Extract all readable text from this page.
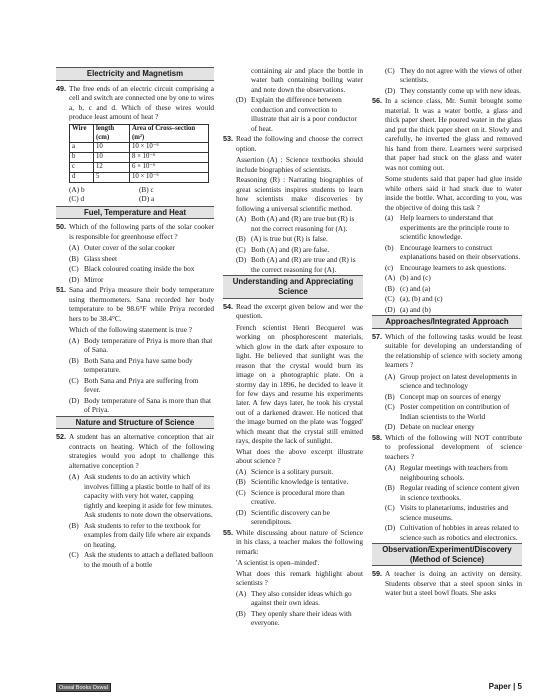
Electricity and Magnetism
49. The free ends of an electric circuit comprising a cell and switch are connected one by one to wires a, b, c and d. Which of these wires would produce least amount of heat ?
Wire	length (cm)	Area of Cross–section (m²)
a	10	10 × 10⁻⁶
b	10	8 × 10⁻⁶
c	12	6 × 10⁻⁶
d	5	10 × 10⁻⁶
(A) b	(B) c
(C) d	(D) a
Fuel, Temperature and Heat
50. Which of the following parts of the solar cooker is responsible for greenhouse effect ?
(A) Outer cover of the solar cooker
(B) Glass sheet
(C) Black coloured coating inside the box
(D) Mirror
51. Sana and Priya measure their body temperature using thermometers. Sana recorded her body temperature to be 98.6°F while Priya recorded hers to be 38.4°C.
Which of the following statement is true ?
(A) Body temperature of Priya is more than that of Sana.
(B) Both Sana and Priya have same body temperature.
(C) Both Sana and Priya are suffering from fever.
(D) Body temperature of Sana is more than that of Priya.
Nature and Structure of Science
52. A student has an alternative conception that air contracts on heating. Which of the following strategies would you adopt to challenge this alternative conception ?
(A) Ask students to do an activity which involves filling a plastic bottle to half of its capacity with very hot water, capping tightly and keeping it aside for few minutes. Ask students to note down the observations.
(B) Ask students to refer to the textbook for examples from daily life where air expands on heating.
(C) Ask the students to attach a deflated balloon to the mouth of a bottle
containing air and place the bottle in water bath containing boiling water and note down the observations.
(D) Explain the difference between conduction and convection to illustrate that air is a poor conductor of heat.
53. Read the following and choose the correct option.
Assertion (A) : Science textbooks should include biographies of scientists.
Reasoning (R) : Narrating biographies of great scientists inspires students to learn how scientists make discoveries by following a universal scientific method.
(A) Both (A) and (R) are true but (R) is not the correct reasoning for (A).
(B) (A) is true but (R) is false.
(C) Both (A) and (R) are false.
(D) Both (A) and (R) are true and (R) is the correct reasoning for (A).
Understanding and Appreciating Science
54. Read the excerpt given below and wer the question.
French scientist Henri Becquerel was working on phosphorescent materials, which glow in the dark after exposure to light. He believed that sunlight was the reason that the crystal would burn its image on a photographic plate. On a stormy day in 1896, he decided to leave it for few days and resume his experiments later. A few days later, he took his crystal out of a darkened drawer. He noticed that the image burned on the plate was 'fogged' which meant that the crystal still emitted rays, despite the lack of sunlight.
What does the above excerpt illustrate about science ?
(A) Science is a solitary pursuit.
(B) Scientific knowledge is tentative.
(C) Science is procedural more than creative.
(D) Scientific discovery can be serendipitous.
55. While discussing about nature of Science in his class, a teacher makes the following remark:
'A scientist is open–minded'.
What does this remark highlight about scientists ?
(A) They also consider ideas which go against their own ideas.
(B) They openly share their ideas with everyone.
(C) They do not agree with the views of other scientists.
(D) They constantly come up with new ideas.
56. In a science class, Mr. Sumit brought some material. It was a water bottle, a glass and thick paper sheet. He poured water in the glass and put the thick paper sheet on it. Slowly and carefully, he inverted the glass and removed his hand from there. Learners were surprised that paper had stuck on the glass and water was not coming out.
Some students said that paper had glue inside while others said it had stuck due to water inside the bottle. What, according to you, was the objective of doing this task ?
(a) Help learners to understand that experiments are the principle route to scientific knowledge.
(b) Encourage learners to construct explanations based on their observations.
(c) Encourage learners to ask questions.
(A) (b) and (c)
(B) (c) and (a)
(C) (a), (b) and (c)
(D) (a) and (b)
Approaches/Integrated Approach
57. Which of the following tasks would be least suitable for developing an understanding of the relationship of science with society among learners ?
(A) Group project on latest developments in science and technology
(B) Concept map on sources of energy
(C) Poster competition on contribution of Indian scientists to the World
(D) Debate on nuclear energy
58. Which of the following will NOT contribute to professional development of science teachers ?
(A) Regular meetings with teachers from neighbouring schools.
(B) Regular reading of science content given in science textbooks.
(C) Visits to planetariums, industries and science museums.
(D) Cultivation of hobbies in areas related to science such as robotics and electronics.
Observation/Experiment/Discovery (Method of Science)
59. A teacher is doing an activity on density. Students observe that a steel spoon sinks in water but a steel bowl floats. She asks
Oswal Books Oswal	Paper | 5
